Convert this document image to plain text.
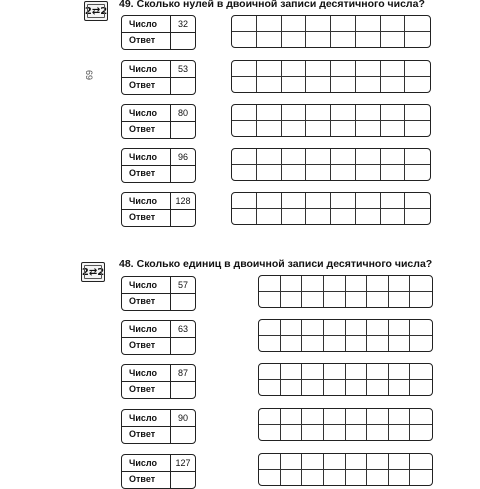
2⇄2
49. Сколько нулей в двоичной записи десятичного числа?
69
Число	32
Ответ
Число	53
Ответ
Число	80
Ответ
Число	96
Ответ
Число	128
Ответ
2⇄2
48. Сколько единиц в двоичной записи десятичного числа?
Число	57
Ответ
Число	63
Ответ
Число	87
Ответ
Число	90
Ответ
Число	127
Ответ
